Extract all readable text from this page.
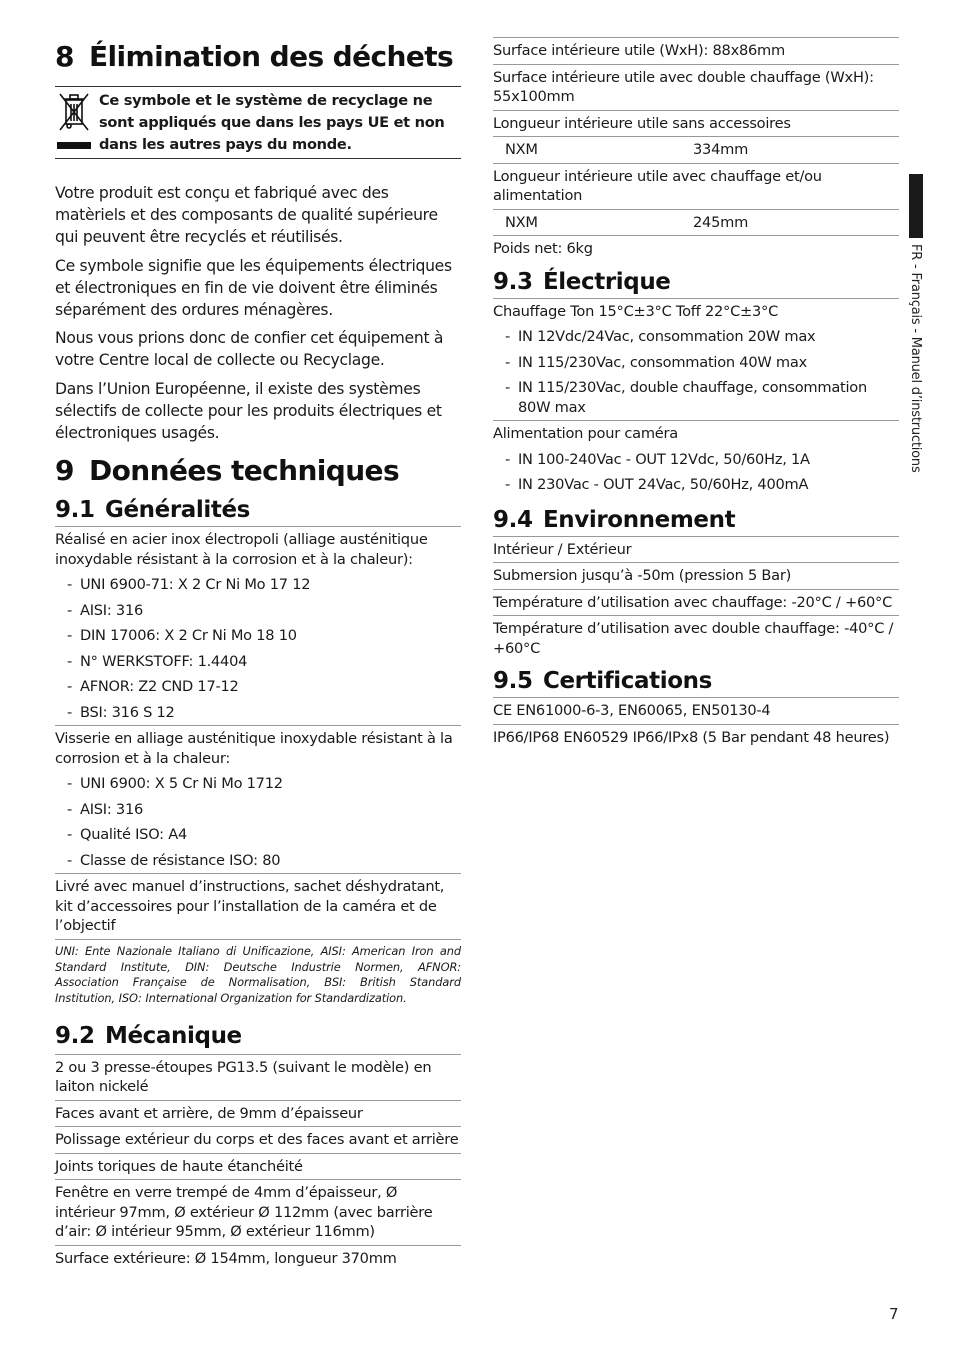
8 Élimination des déchets
Ce symbole et le système de recyclage ne sont appliqués que dans les pays UE et non dans les autres pays du monde.

Votre produit est conçu et fabriqué avec des matèriels et des composants de qualité supérieure qui peuvent être recyclés et réutilisés.

Ce symbole signifie que les équipements électriques et électroniques en fin de vie doivent être éliminés séparément des ordures ménagères.

Nous vous prions donc de confier cet équipement à votre Centre local de collecte ou Recyclage.

Dans l’Union Européenne, il existe des systèmes sélectifs de collecte pour les produits électriques et électroniques usagés.

9 Données techniques
9.1 Généralités
Réalisé en acier inox électropoli (alliage austénitique inoxydable résistant à la corrosion et à la chaleur):
- UNI 6900-71: X 2 Cr Ni Mo 17 12
- AISI: 316
- DIN 17006: X 2 Cr Ni Mo 18 10
- N° WERKSTOFF: 1.4404
- AFNOR: Z2 CND 17-12
- BSI: 316 S 12
Visserie en alliage austénitique inoxydable résistant à la corrosion et à la chaleur:
- UNI 6900: X 5 Cr Ni Mo 1712
- AISI: 316
- Qualité ISO: A4
- Classe de résistance ISO: 80
Livré avec manuel d’instructions, sachet déshydratant, kit d’accessoires pour l’installation de la caméra et de l’objectif
UNI: Ente Nazionale Italiano di Unificazione, AISI: American Iron and Standard Institute, DIN: Deutsche Industrie Normen, AFNOR: Association Française de Normalisation, BSI: British Standard Institution, ISO: International Organization for Standardization.
9.2 Mécanique
2 ou 3 presse-étoupes PG13.5 (suivant le modèle) en laiton nickelé
Faces avant et arrière, de 9mm d’épaisseur
Polissage extérieur du corps et des faces avant et arrière
Joints toriques de haute étanchéité
Fenêtre en verre trempé de 4mm d’épaisseur, Ø intérieur 97mm, Ø extérieur Ø 112mm (avec barrière d’air: Ø intérieur 95mm, Ø extérieur 116mm)
Surface extérieure: Ø 154mm, longueur 370mm
Surface intérieure utile (WxH): 88x86mm
Surface intérieure utile avec double chauffage (WxH): 55x100mm
Longueur intérieure utile sans accessoires
NXM	334mm
Longueur intérieure utile avec chauffage et/ou alimentation
NXM	245mm
Poids net: 6kg
9.3 Électrique
Chauffage Ton 15°C±3°C Toff 22°C±3°C
- IN 12Vdc/24Vac, consommation 20W max
- IN 115/230Vac, consommation 40W max
- IN 115/230Vac, double chauffage, consommation 80W max
Alimentation pour caméra
- IN 100-240Vac - OUT 12Vdc, 50/60Hz, 1A
- IN 230Vac - OUT 24Vac, 50/60Hz, 400mA
9.4 Environnement
Intérieur / Extérieur
Submersion jusqu’à -50m (pression 5 Bar)
Température d’utilisation avec chauffage: -20°C / +60°C
Température d’utilisation avec double chauffage: -40°C / +60°C
9.5 Certifications
CE EN61000-6-3, EN60065, EN50130-4
IP66/IP68 EN60529 IP66/IPx8 (5 Bar pendant 48 heures)
FR - Français - Manuel d’instructions
7
